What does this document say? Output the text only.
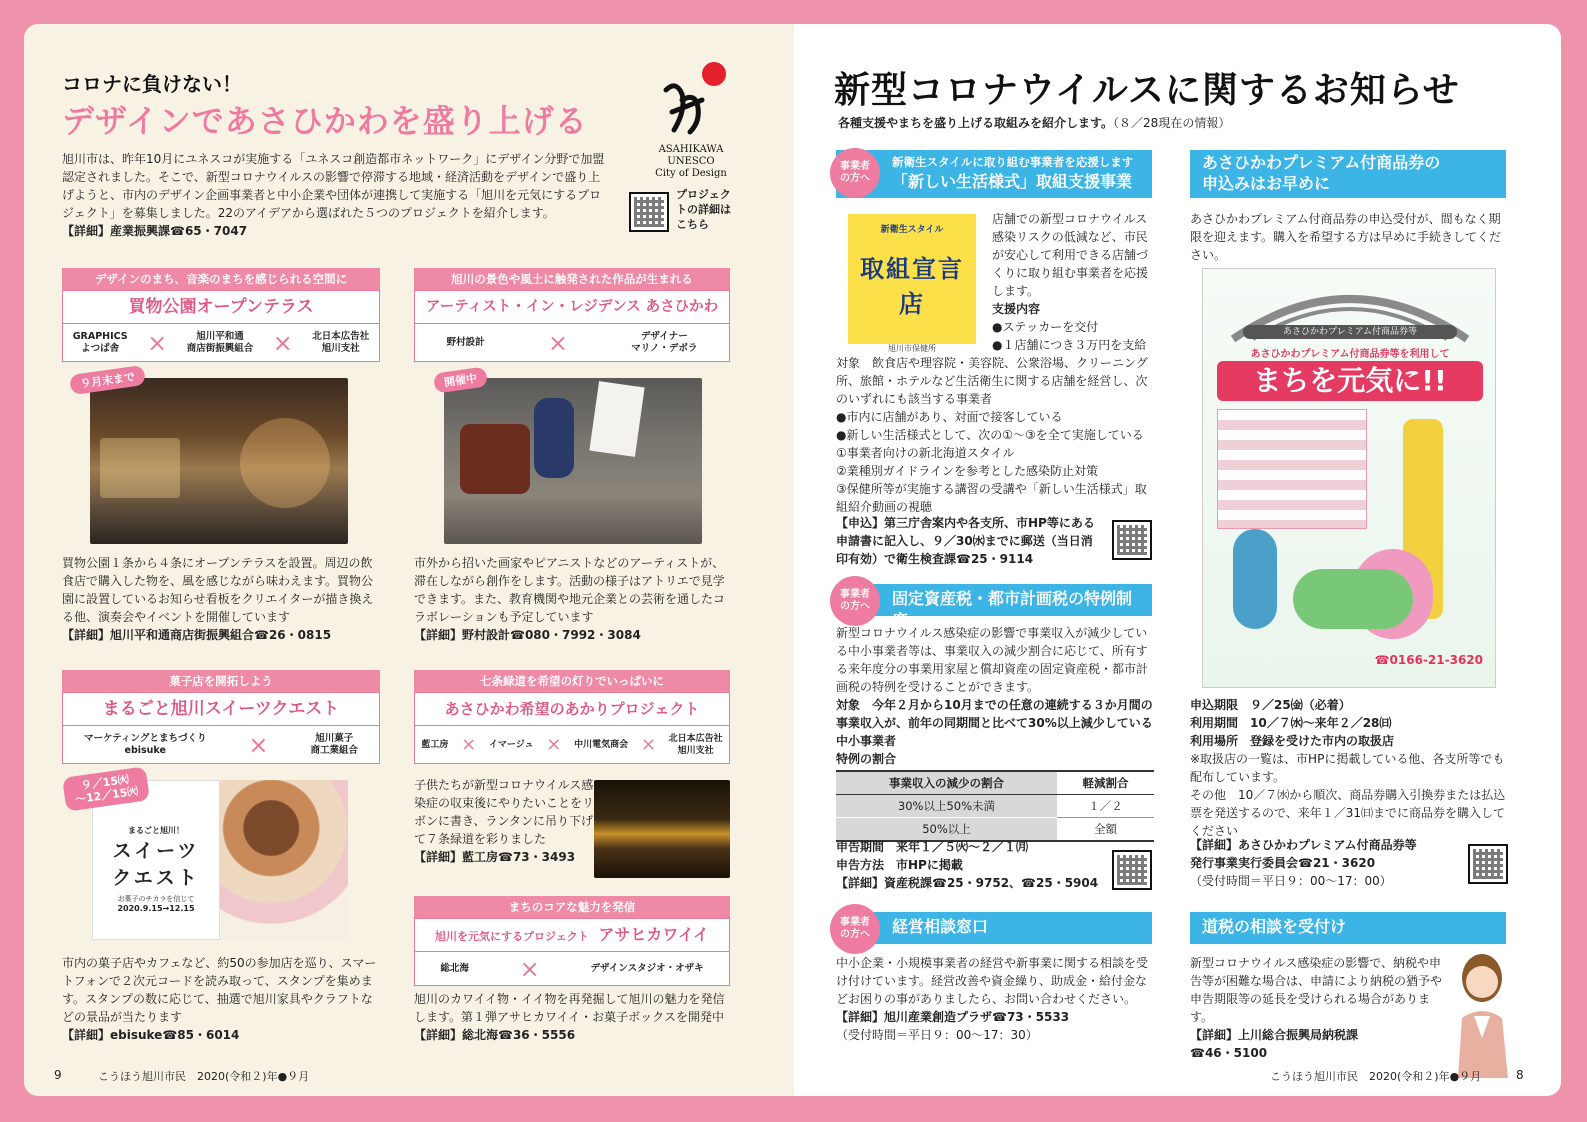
コロナに負けない！
デザインであさひかわを盛り上げる
ASAHIKAWA
UNESCO
City of Design
旭川市は、昨年10月にユネスコが実施する「ユネスコ創造都市ネットワーク」にデザイン分野で加盟認定されました。そこで、新型コロナウイルスの影響で停滞する地域・経済活動をデザインで盛り上げようと、市内のデザイン企画事業者と中小企業や団体が連携して実施する「旭川を元気にするプロジェクト」を募集しました。22のアイデアから選ばれた５つのプロジェクトを紹介します。
【詳細】産業振興課☎65・7047
プロジェクトの詳細はこちら
デザインのまち、音楽のまちを感じられる空間に
買物公園オープンテラス
GRAPHICS
よつば舎	×	旭川平和通
商店街振興組合 × 北日本広告社
旭川支社
９月末まで
買物公園１条から４条にオープンテラスを設置。周辺の飲食店で購入した物を、風を感じながら味わえます。買物公園に設置しているお知らせ看板をクリエイターが描き換える他、演奏会やイベントを開催しています
【詳細】旭川平和通商店街振興組合☎26・0815
旭川の景色や風土に触発された作品が生まれる
アーティスト・イン・レジデンス あさひかわ
野村設計	×	デザイナー
マリノ・デボラ
開催中
市外から招いた画家やピアニストなどのアーティストが、滞在しながら創作をします。活動の様子はアトリエで見学できます。また、教育機関や地元企業との芸術を通したコラボレーションも予定しています
【詳細】野村設計☎080・7992・3084
菓子店を開拓しよう
まるごと旭川スイーツクエスト
マーケティングとまちづくり
ebisuke	×	旭川菓子
商工業組合
まるごと旭川！
スイーツ
クエスト
お菓子のチカラを信じて
2020.9.15→12.15
９／15㈫
～12／15㈫
市内の菓子店やカフェなど、約50の参加店を巡り、スマートフォンで２次元コードを読み取って、スタンプを集めます。スタンプの数に応じて、抽選で旭川家具やクラフトなどの景品が当たります
【詳細】ebisuke☎85・6014
七条緑道を希望の灯りでいっぱいに
あさひかわ希望のあかりプロジェクト
藍工房 × イマージュ × 中川電気商会 × 北日本広告社
旭川支社
子供たちが新型コロナウイルス感染症の収束後にやりたいことをリボンに書き、ランタンに吊り下げて７条緑道を彩りました
【詳細】藍工房☎73・3493
まちのコアな魅力を発信
旭川を元気にするプロジェクト アサヒカワイイ
総北海 ×	デザインスタジオ・オザキ
旭川のカワイイ物・イイ物を再発掘して旭川の魅力を発信します。第１弾アサヒカワイイ・お菓子ボックスを開発中
【詳細】総北海☎36・5556
9	こうほう旭川市民　2020(令和２)年●９月
新型コロナウイルスに関するお知らせ
各種支援やまちを盛り上げる取組みを紹介します。（８／28現在の情報）
新衛生スタイルに取り組む事業者を応援します
「新しい生活様式」取組支援事業
事業者
の方へ
新衛生スタイル
取組宣言店
旭川市保健所
店舗での新型コロナウイルス感染リスクの低減など、市民が安心して利用できる店舗づくりに取り組む事業者を応援します。
支援内容
●ステッカーを交付
●１店舗につき３万円を支給
対象　飲食店や理容院・美容院、公衆浴場、クリーニング所、旅館・ホテルなど生活衛生に関する店舗を経営し、次のいずれにも該当する事業者
●市内に店舗があり、対面で接客している
●新しい生活様式として、次の①～③を全て実施している
①事業者向けの新北海道スタイル
②業種別ガイドラインを参考とした感染防止対策
③保健所等が実施する講習の受講や「新しい生活様式」取組紹介動画の視聴
【申込】第三庁舎案内や各支所、市HP等にある申請書に記入し、９／30㈬までに郵送（当日消印有効）で衛生検査課☎25・9114
固定資産税・都市計画税の特例制度
事業者
の方へ
新型コロナウイルス感染症の影響で事業収入が減少している中小事業者等は、事業収入の減少割合に応じて、所有する来年度分の事業用家屋と償却資産の固定資産税・都市計画税の特例を受けることができます。
対象　今年２月から10月までの任意の連続する３か月間の事業収入が、前年の同期間と比べて30%以上減少している中小事業者
特例の割合
事業収入の減少の割合	軽減割合
30%以上50%未満	１／２
50%以上	全額
申告期間　来年１／５㈫～２／１㈪
申告方法　市HPに掲載
【詳細】資産税課☎25・9752、☎25・5904
経営相談窓口
事業者
の方へ
中小企業・小規模事業者の経営や新事業に関する相談を受け付けています。経営改善や資金繰り、助成金・給付金などお困りの事がありましたら、お問い合わせください。
【詳細】旭川産業創造プラザ☎73・5533
（受付時間＝平日９：00～17：30）
あさひかわプレミアム付商品券の
申込みはお早めに
あさひかわプレミアム付商品券の申込受付が、間もなく期限を迎えます。購入を希望する方は早めに手続きしてください。
あさひかわプレミアム付商品券等
あさひかわプレミアム付商品券等を利用して
まちを元気に!!
☎0166-21-3620
申込期限　９／25㈮（必着）
利用期間　10／７㈬～来年２／28㈰
利用場所　登録を受けた市内の取扱店
※取扱店の一覧は、市HPに掲載している他、各支所等でも配布しています。
その他　10／７㈬から順次、商品券購入引換券または払込票を発送するので、来年１／31㈰までに商品券を購入してください
【詳細】あさひかわプレミアム付商品券等
発行事業実行委員会☎21・3620
（受付時間＝平日９：00～17：00）
道税の相談を受付け
新型コロナウイルス感染症の影響で、納税や申告等が困難な場合は、申請により納税の猶予や申告期限等の延長を受けられる場合があります。
【詳細】上川総合振興局納税課
☎46・5100
こうほう旭川市民　2020(令和２)年●９月	8
